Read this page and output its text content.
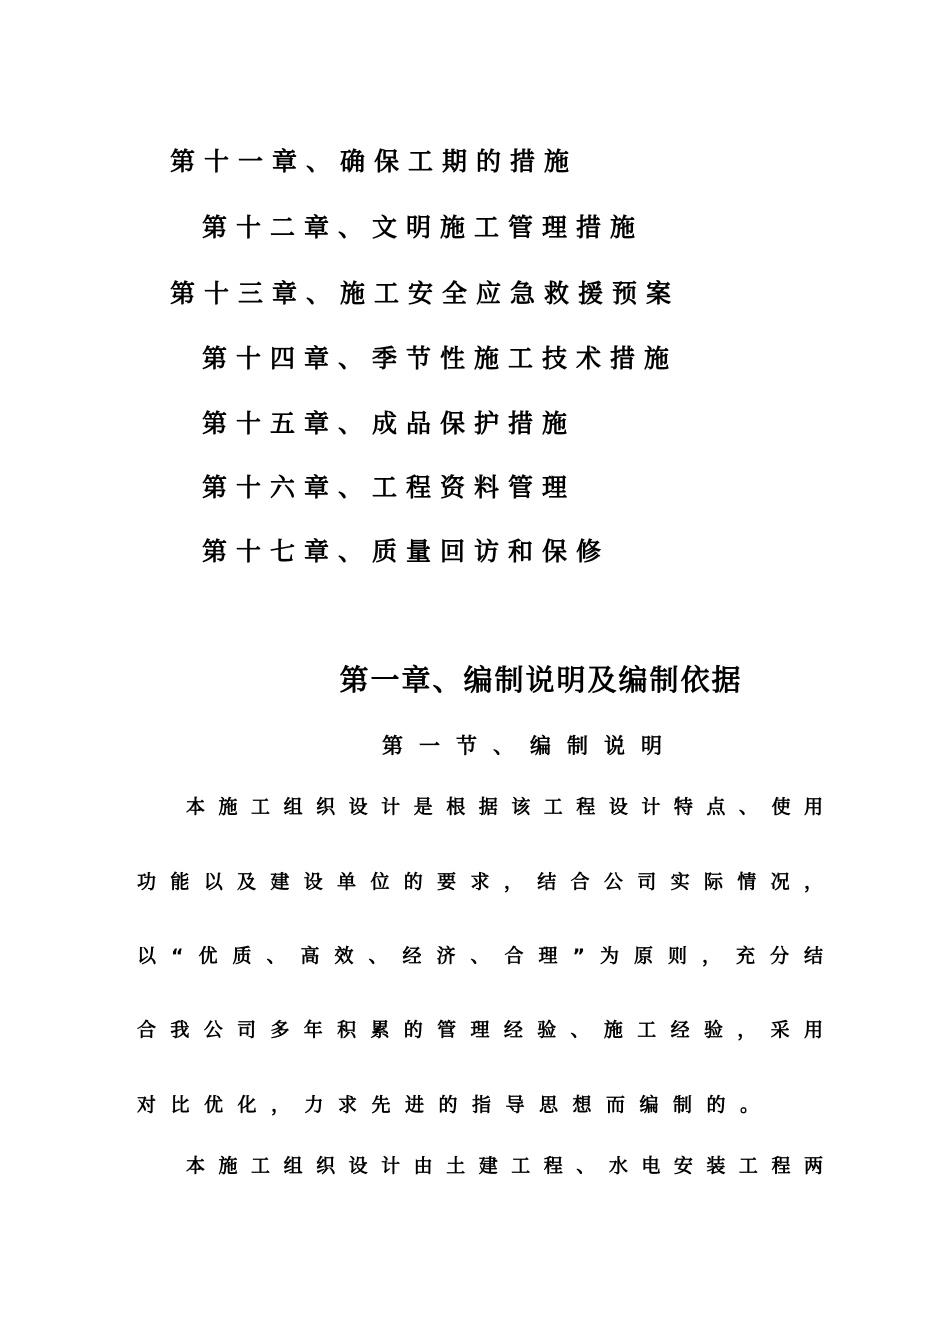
第十一章、确保工期的措施
第十二章、文明施工管理措施
第十三章、施工安全应急救援预案
第十四章、季节性施工技术措施
第十五章、成品保护措施
第十六章、工程资料管理
第十七章、质量回访和保修
第一章、编制说明及编制依据
第一节、编制说明
本施工组织设计是根据该工程设计特点、使用
功能以及建设单位的要求，结合公司实际情况，
以“优质、高效、经济、合理”为原则，充分结
合我公司多年积累的管理经验、施工经验，采用
对比优化，力求先进的指导思想而编制的。
本施工组织设计由土建工程、水电安装工程两
